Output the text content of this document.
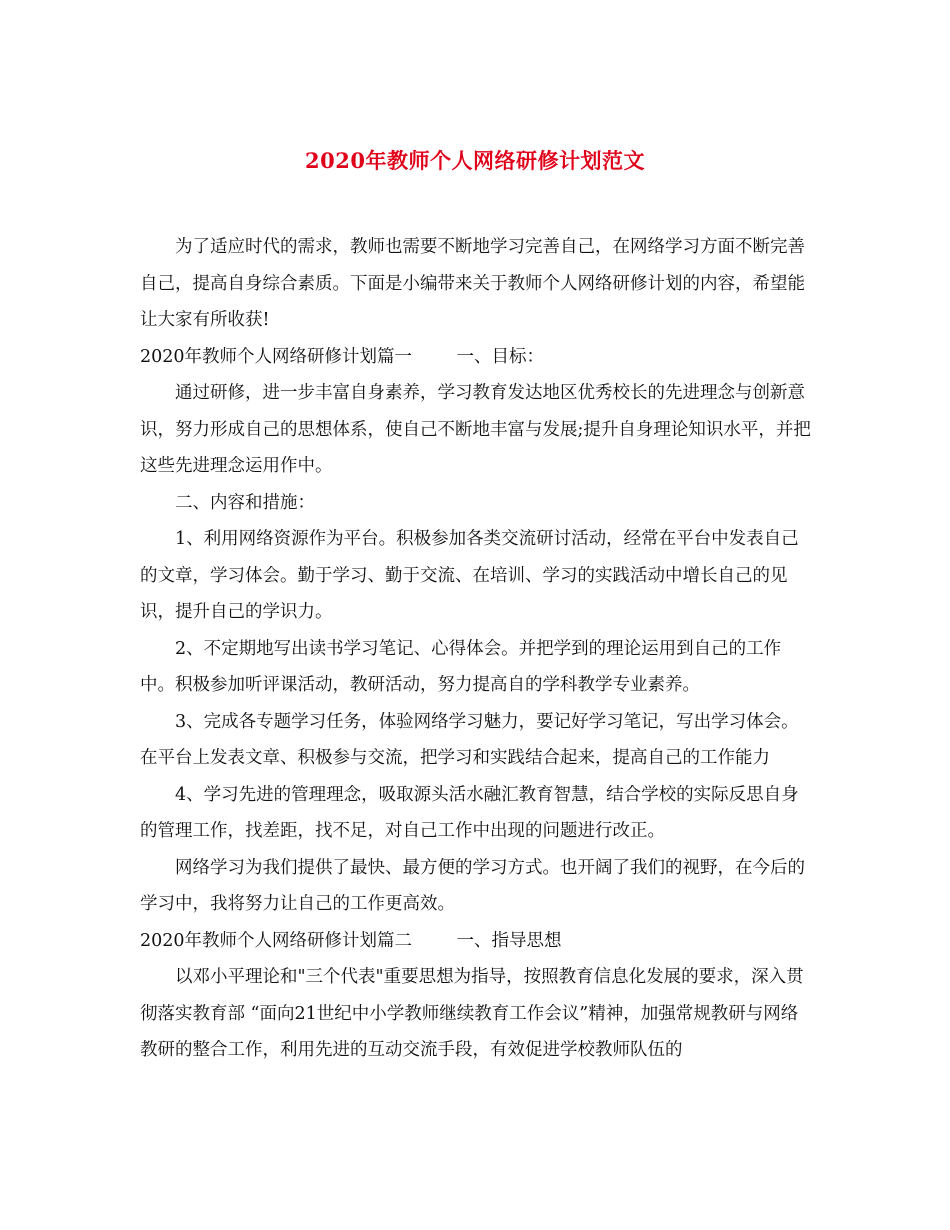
2020年教师个人网络研修计划范文

为了适应时代的需求，教师也需要不断地学习完善自己，在网络学习方面不断完善自己，提高自身综合素质。下面是小编带来关于教师个人网络研修计划的内容，希望能让大家有所收获!

2020年教师个人网络研修计划篇一        一、目标：

通过研修，进一步丰富自身素养，学习教育发达地区优秀校长的先进理念与创新意识，努力形成自己的思想体系，使自己不断地丰富与发展;提升自身理论知识水平，并把这些先进理念运用作中。

二、内容和措施：

1、利用网络资源作为平台。积极参加各类交流研讨活动，经常在平台中发表自己的文章，学习体会。勤于学习、勤于交流、在培训、学习的实践活动中增长自己的见识，提升自己的学识力。

2、不定期地写出读书学习笔记、心得体会。并把学到的理论运用到自己的工作中。积极参加听评课活动，教研活动，努力提高自的学科教学专业素养。

3、完成各专题学习任务，体验网络学习魅力，要记好学习笔记，写出学习体会。在平台上发表文章、积极参与交流，把学习和实践结合起来，提高自己的工作能力

4、学习先进的管理理念，吸取源头活水融汇教育智慧，结合学校的实际反思自身的管理工作，找差距，找不足，对自己工作中出现的问题进行改正。

网络学习为我们提供了最快、最方便的学习方式。也开阔了我们的视野，在今后的学习中，我将努力让自己的工作更高效。

2020年教师个人网络研修计划篇二        一、指导思想

以邓小平理论和"三个代表"重要思想为指导，按照教育信息化发展的要求，深入贯彻落实教育部 “面向21世纪中小学教师继续教育工作会议”精神，加强常规教研与网络教研的整合工作，利用先进的互动交流手段，有效促进学校教师队伍的
